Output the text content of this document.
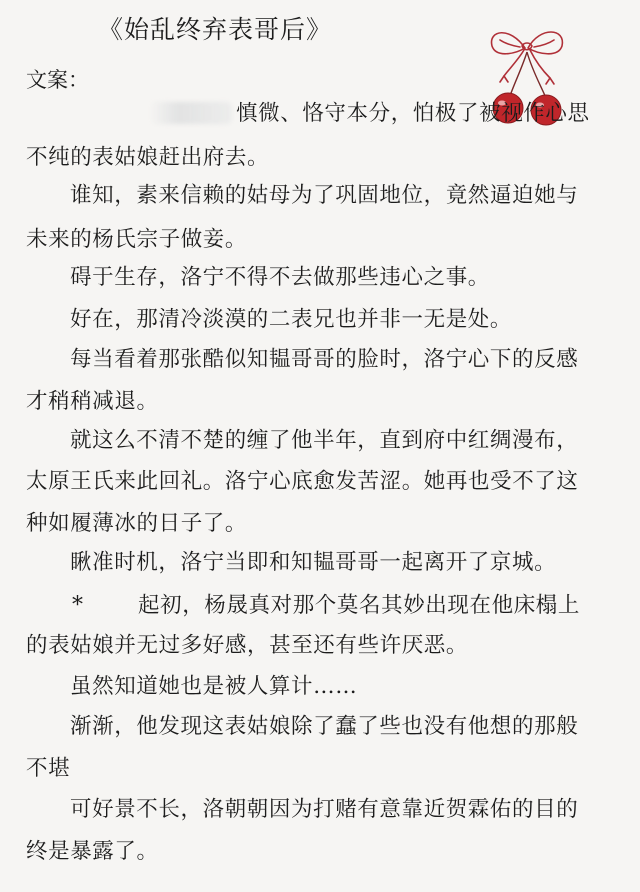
《始乱终弃表哥后》
文案：
慎微、恪守本分，怕极了被视作心思
不纯的表姑娘赶出府去。
谁知，素来信赖的姑母为了巩固地位，竟然逼迫她与
未来的杨氏宗子做妾。
碍于生存，洛宁不得不去做那些违心之事。
好在，那清冷淡漠的二表兄也并非一无是处。
每当看着那张酷似知韫哥哥的脸时，洛宁心下的反感
才稍稍减退。
就这么不清不楚的缠了他半年，直到府中红绸漫布，
太原王氏来此回礼。洛宁心底愈发苦涩。她再也受不了这
种如履薄冰的日子了。
瞅准时机，洛宁当即和知韫哥哥一起离开了京城。
*	起初，杨晟真对那个莫名其妙出现在他床榻上
的表姑娘并无过多好感，甚至还有些许厌恶。
虽然知道她也是被人算计……
渐渐，他发现这表姑娘除了蠢了些也没有他想的那般
不堪
可好景不长，洛朝朝因为打赌有意靠近贺霖佑的目的
终是暴露了。
